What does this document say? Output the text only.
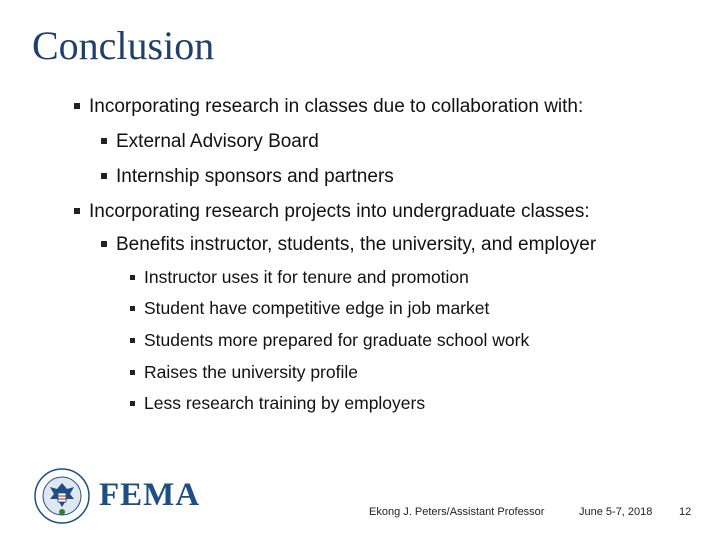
Conclusion
Incorporating research in classes due to collaboration with:
External Advisory Board
Internship sponsors and partners
Incorporating research projects into undergraduate classes:
Benefits instructor, students, the university, and employer
Instructor uses it for tenure and promotion
Student have competitive edge in job market
Students more prepared for graduate school work
Raises the university profile
Less research training by employers
FEMA	Ekong J. Peters/Assistant Professor	June 5-7, 2018 12
